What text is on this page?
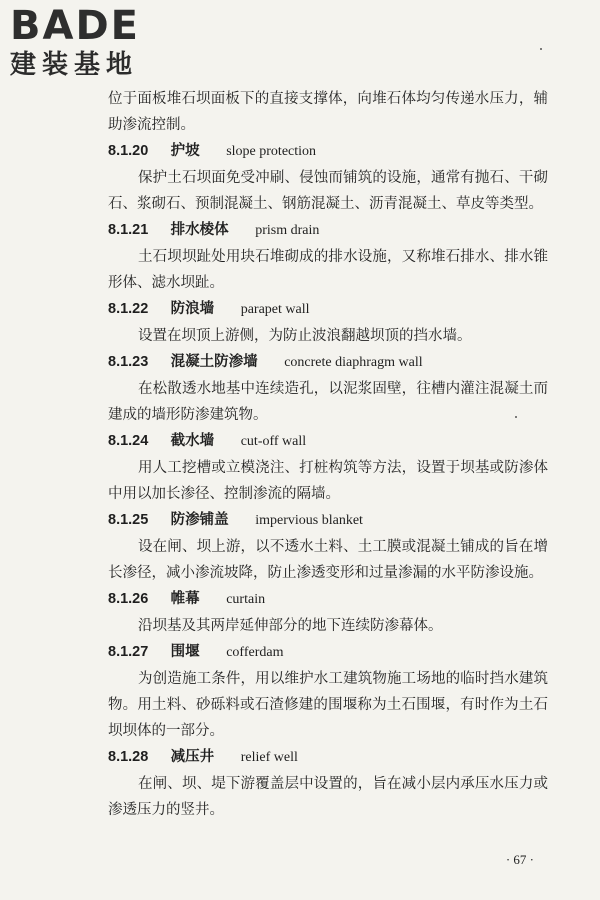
BADE
建装基地

位于面板堆石坝面板下的直接支撑体，向堆石体均匀传递水压力，辅助渗流控制。

8.1.20 护坡 slope protection

保护土石坝面免受冲刷、侵蚀而铺筑的设施，通常有抛石、干砌石、浆砌石、预制混凝土、钢筋混凝土、沥青混凝土、草皮等类型。

8.1.21 排水棱体 prism drain

土石坝坝趾处用块石堆砌成的排水设施，又称堆石排水、排水锥形体、滤水坝趾。

8.1.22 防浪墙 parapet wall

设置在坝顶上游侧，为防止波浪翻越坝顶的挡水墙。

8.1.23 混凝土防渗墙 concrete diaphragm wall

在松散透水地基中连续造孔，以泥浆固壁，往槽内灌注混凝土而建成的墙形防渗建筑物。

8.1.24 截水墙 cut-off wall

用人工挖槽或立模浇注、打桩构筑等方法，设置于坝基或防渗体中用以加长渗径、控制渗流的隔墙。

8.1.25 防渗铺盖 impervious blanket

设在闸、坝上游，以不透水土料、土工膜或混凝土铺成的旨在增长渗径，减小渗流坡降，防止渗透变形和过量渗漏的水平防渗设施。

8.1.26 帷幕 curtain

沿坝基及其两岸延伸部分的地下连续防渗幕体。

8.1.27 围堰 cofferdam

为创造施工条件，用以维护水工建筑物施工场地的临时挡水建筑物。用土料、砂砾料或石渣修建的围堰称为土石围堰，有时作为土石坝坝体的一部分。

8.1.28 减压井 relief well

在闸、坝、堤下游覆盖层中设置的，旨在减小层内承压水压力或渗透压力的竖井。

· 67 ·
